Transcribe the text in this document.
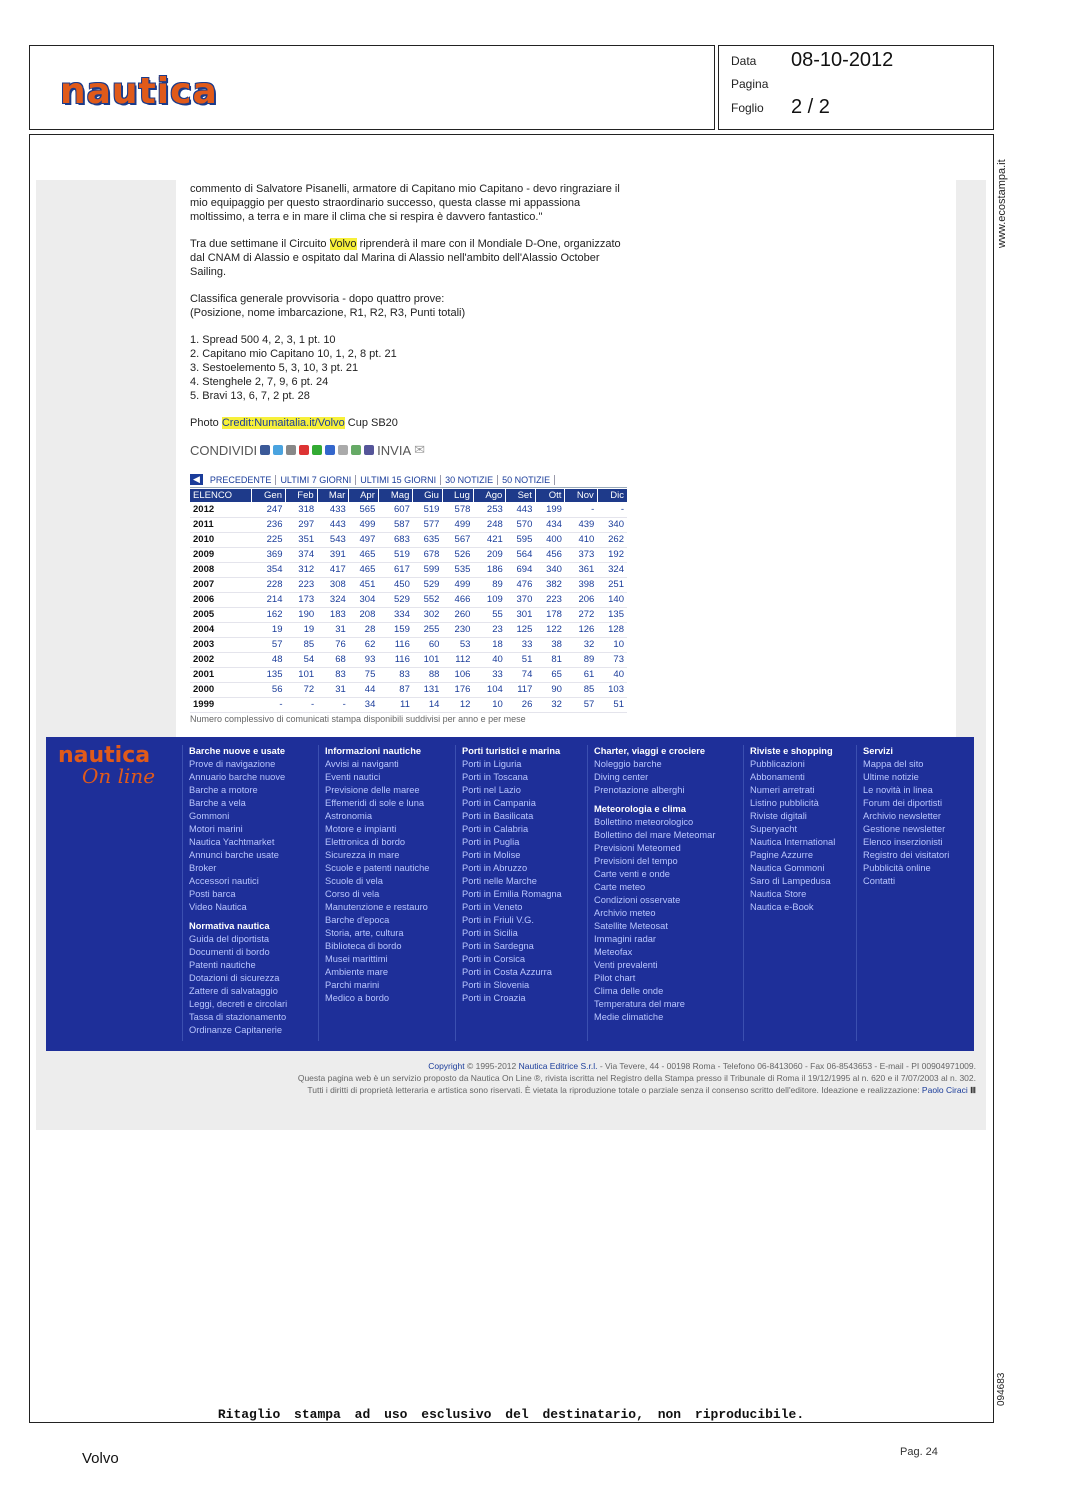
nautica
Data 08-10-2012
Pagina
Foglio 2 / 2
www.ecostampa.it
094683

commento di Salvatore Pisanelli, armatore di Capitano mio Capitano - devo ringraziare il mio equipaggio per questo straordinario successo, questa classe mi appassiona moltissimo, a terra e in mare il clima che si respira è davvero fantastico."

Tra due settimane il Circuito Volvo riprenderà il mare con il Mondiale D-One, organizzato dal CNAM di Alassio e ospitato dal Marina di Alassio nell'ambito dell'Alassio October Sailing.

Classifica generale provvisoria - dopo quattro prove:
(Posizione, nome imbarcazione, R1, R2, R3, Punti totali)

1. Spread 500 4, 2, 3, 1 pt. 10
2. Capitano mio Capitano 10, 1, 2, 8 pt. 21
3. Sestoelemento 5, 3, 10, 3 pt. 21
4. Stenghele 2, 7, 9, 6 pt. 24
5. Bravi 13, 6, 7, 2 pt. 28

Photo Credit:Numaitalia.it/Volvo Cup SB20

CONDIVIDI	INVIA ✉
◀	PRECEDENTE	ULTIMI 7 GIORNI	ULTIMI 15 GIORNI	30 NOTIZIE	50 NOTIZIE
ELENCO	Gen	Feb	Mar	Apr	Mag	Giu	Lug	Ago	Set	Ott	Nov	Dic
2012	247	318	433	565	607	519	578	253	443	199	-	-
2011	236	297	443	499	587	577	499	248	570	434	439	340
2010	225	351	543	497	683	635	567	421	595	400	410	262
2009	369	374	391	465	519	678	526	209	564	456	373	192
2008	354	312	417	465	617	599	535	186	694	340	361	324
2007	228	223	308	451	450	529	499	89	476	382	398	251
2006	214	173	324	304	529	552	466	109	370	223	206	140
2005	162	190	183	208	334	302	260	55	301	178	272	135
2004	19	19	31	28	159	255	230	23	125	122	126	128
2003	57	85	76	62	116	60	53	18	33	38	32	10
2002	48	54	68	93	116	101	112	40	51	81	89	73
2001	135	101	83	75	83	88	106	33	74	65	61	40
2000	56	72	31	44	87	131	176	104	117	90	85	103
1999	-	-	-	34	11	14	12	10	26	32	57	51
Numero complessivo di comunicati stampa disponibili suddivisi per anno e per mese
nautica
On line
Barche nuove e usate
Prove di navigazione
Annuario barche nuove
Barche a motore
Barche a vela
Gommoni
Motori marini
Nautica Yachtmarket
Annunci barche usate
Broker
Accessori nautici
Posti barca
Video Nautica
Normativa nautica
Guida del diportista
Documenti di bordo
Patenti nautiche
Dotazioni di sicurezza
Zattere di salvataggio
Leggi, decreti e circolari
Tassa di stazionamento
Ordinanze Capitanerie
Informazioni nautiche
Avvisi ai naviganti
Eventi nautici
Previsione delle maree
Effemeridi di sole e luna
Astronomia
Motore e impianti
Elettronica di bordo
Sicurezza in mare
Scuole e patenti nautiche
Scuole di vela
Corso di vela
Manutenzione e restauro
Barche d'epoca
Storia, arte, cultura
Biblioteca di bordo
Musei marittimi
Ambiente mare
Parchi marini
Medico a bordo
Porti turistici e marina
Porti in Liguria
Porti in Toscana
Porti nel Lazio
Porti in Campania
Porti in Basilicata
Porti in Calabria
Porti in Puglia
Porti in Molise
Porti in Abruzzo
Porti nelle Marche
Porti in Emilia Romagna
Porti in Veneto
Porti in Friuli V.G.
Porti in Sicilia
Porti in Sardegna
Porti in Corsica
Porti in Costa Azzurra
Porti in Slovenia
Porti in Croazia
Charter, viaggi e crociere
Noleggio barche
Diving center
Prenotazione alberghi
Meteorologia e clima
Bollettino meteorologico
Bollettino del mare Meteomar
Previsioni Meteomed
Previsioni del tempo
Carte venti e onde
Carte meteo
Condizioni osservate
Archivio meteo
Satellite Meteosat
Immagini radar
Meteofax
Venti prevalenti
Pilot chart
Clima delle onde
Temperatura del mare
Medie climatiche
Riviste e shopping
Pubblicazioni
Abbonamenti
Numeri arretrati
Listino pubblicità
Riviste digitali
Superyacht
Nautica International
Pagine Azzurre
Nautica Gommoni
Saro di Lampedusa
Nautica Store
Nautica e-Book
Servizi
Mappa del sito
Ultime notizie
Le novità in linea
Forum dei diportisti
Archivio newsletter
Gestione newsletter
Elenco inserzionisti
Registro dei visitatori
Pubblicità online
Contatti
Copyright © 1995-2012 Nautica Editrice S.r.l. - Via Tevere, 44 - 00198 Roma - Telefono 06-8413060 - Fax 06-8543653 - E-mail - PI 00904971009.
Questa pagina web è un servizio proposto da Nautica On Line ®, rivista iscritta nel Registro della Stampa presso il Tribunale di Roma il 19/12/1995 al n. 620 e il 7/07/2003 al n. 302.
Tutti i diritti di proprietà letteraria e artistica sono riservati. È vietata la riproduzione totale o parziale senza il consenso scritto dell'editore. Ideazione e realizzazione: Paolo Ciraci Ⅲ
Ritaglio stampa ad uso esclusivo del destinatario, non riproducibile.
Volvo	Pag. 24
